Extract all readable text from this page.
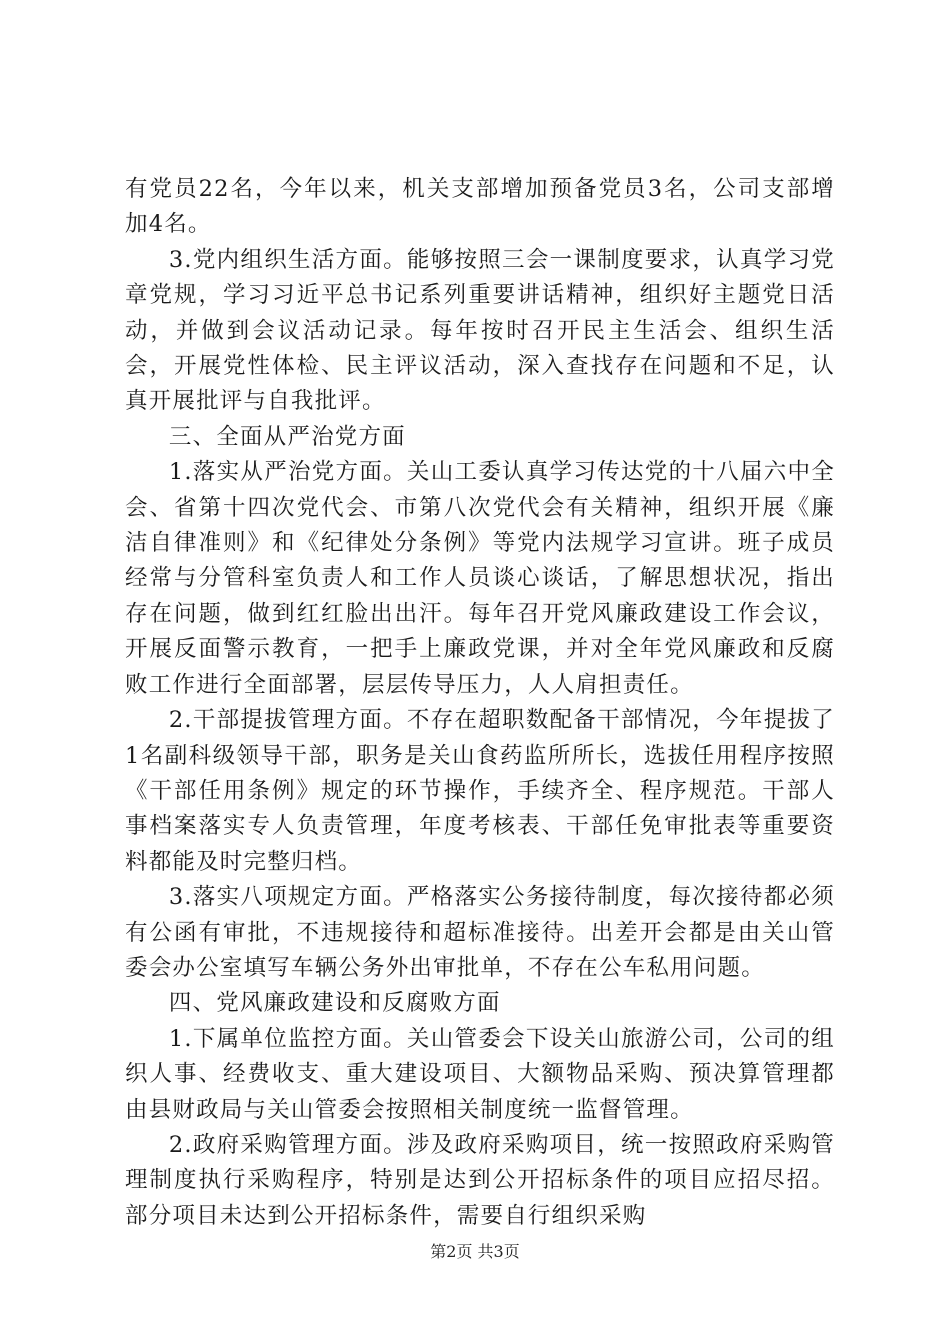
有党员22名，今年以来，机关支部增加预备党员3名，公司支部增加4名。

3.党内组织生活方面。能够按照三会一课制度要求，认真学习党章党规，学习习近平总书记系列重要讲话精神，组织好主题党日活动，并做到会议活动记录。每年按时召开民主生活会、组织生活会，开展党性体检、民主评议活动，深入查找存在问题和不足，认真开展批评与自我批评。

三、全面从严治党方面

1.落实从严治党方面。关山工委认真学习传达党的十八届六中全会、省第十四次党代会、市第八次党代会有关精神，组织开展《廉洁自律准则》和《纪律处分条例》等党内法规学习宣讲。班子成员经常与分管科室负责人和工作人员谈心谈话，了解思想状况，指出存在问题，做到红红脸出出汗。每年召开党风廉政建设工作会议，开展反面警示教育，一把手上廉政党课，并对全年党风廉政和反腐败工作进行全面部署，层层传导压力，人人肩担责任。

2.干部提拔管理方面。不存在超职数配备干部情况，今年提拔了1名副科级领导干部，职务是关山食药监所所长，选拔任用程序按照《干部任用条例》规定的环节操作，手续齐全、程序规范。干部人事档案落实专人负责管理，年度考核表、干部任免审批表等重要资料都能及时完整归档。

3.落实八项规定方面。严格落实公务接待制度，每次接待都必须有公函有审批，不违规接待和超标准接待。出差开会都是由关山管委会办公室填写车辆公务外出审批单，不存在公车私用问题。

四、党风廉政建设和反腐败方面

1.下属单位监控方面。关山管委会下设关山旅游公司，公司的组织人事、经费收支、重大建设项目、大额物品采购、预决算管理都由县财政局与关山管委会按照相关制度统一监督管理。

2.政府采购管理方面。涉及政府采购项目，统一按照政府采购管理制度执行采购程序，特别是达到公开招标条件的项目应招尽招。部分项目未达到公开招标条件，需要自行组织采购

第2页 共3页
